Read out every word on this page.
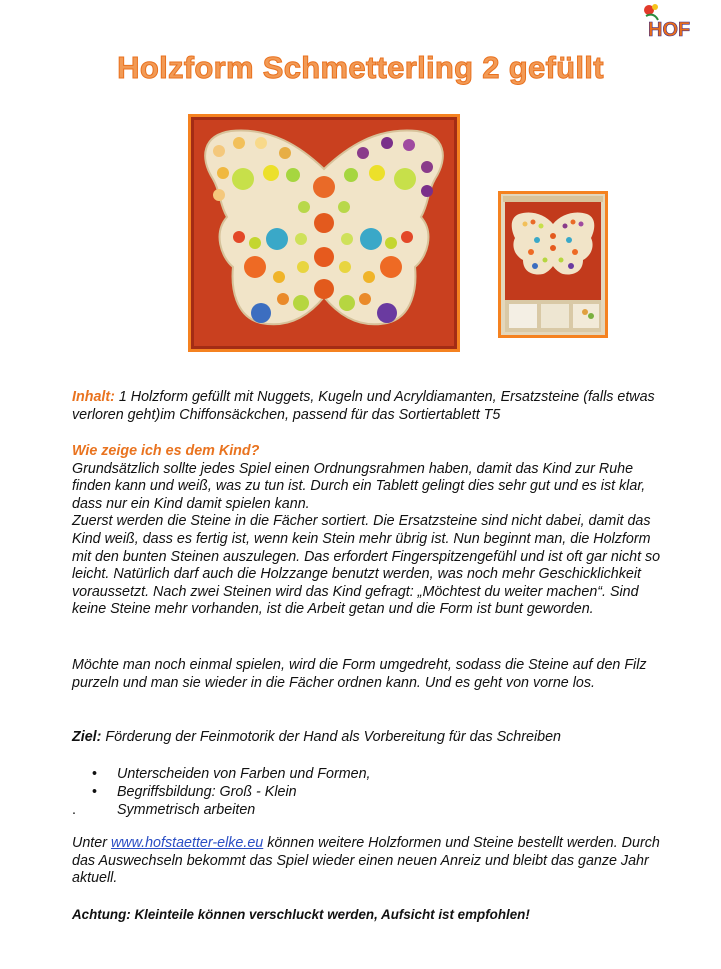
HOF
Holzform Schmetterling 2 gefüllt

Inhalt: 1 Holzform gefüllt mit Nuggets, Kugeln und Acryldiamanten, Ersatzsteine (falls etwas verloren geht)im Chiffonsäckchen, passend für das Sortiertablett T5

Wie zeige ich es dem Kind?

Grundsätzlich sollte jedes Spiel einen Ordnungsrahmen haben, damit das Kind zur Ruhe finden kann und weiß, was zu tun ist. Durch ein Tablett gelingt dies sehr gut und es ist klar, dass nur ein Kind damit spielen kann.

Zuerst werden die Steine in die Fächer sortiert. Die Ersatzsteine sind nicht dabei, damit das Kind weiß, dass es fertig ist, wenn kein Stein mehr übrig ist. Nun beginnt man, die Holzform mit den bunten Steinen auszulegen. Das erfordert Fingerspitzengefühl und ist oft gar nicht so leicht. Natürlich darf auch die Holzzange benutzt werden, was noch mehr Geschicklichkeit voraussetzt. Nach zwei Steinen wird das Kind gefragt: „Möchtest du weiter machen“. Sind keine Steine mehr vorhanden, ist die Arbeit getan und die Form ist bunt geworden.

Möchte man noch einmal spielen, wird die Form umgedreht, sodass die Steine auf den Filz purzeln und man sie wieder in die Fächer ordnen kann. Und es geht von vorne los.
Ziel: Förderung der Feinmotorik der Hand als Vorbereitung für das Schreiben
• Unterscheiden von Farben und Formen,
• Begriffsbildung: Groß - Klein
.	Symmetrisch arbeiten
Unter www.hofstaetter-elke.eu können weitere Holzformen und Steine bestellt werden. Durch das Auswechseln bekommt das Spiel wieder einen neuen Anreiz und bleibt das ganze Jahr aktuell.
Achtung: Kleinteile können verschluckt werden, Aufsicht ist empfohlen!
